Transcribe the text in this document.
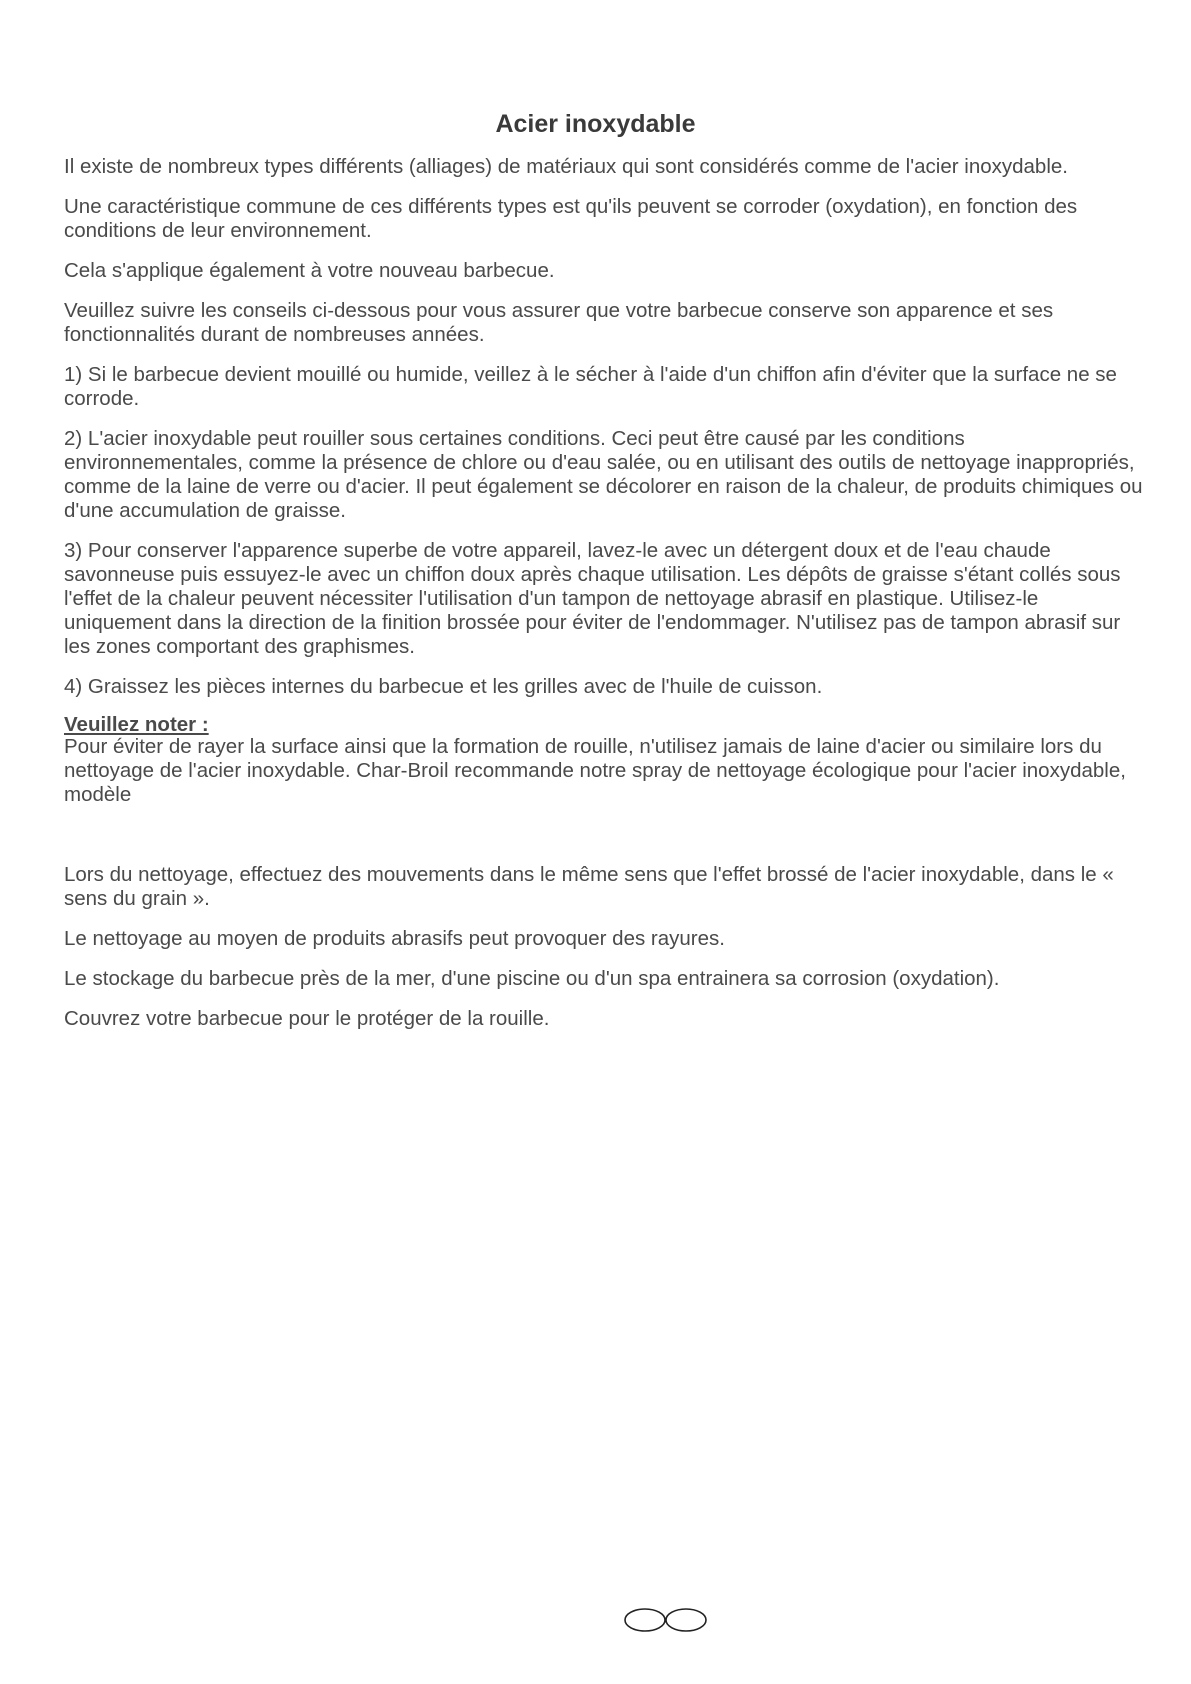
Acier inoxydable

Il existe de nombreux types différents (alliages) de matériaux qui sont considérés comme de l'acier inoxydable.

Une caractéristique commune de ces différents types est qu'ils peuvent se corroder (oxydation), en fonction des conditions de leur environnement.

Cela s'applique également à votre nouveau barbecue.

Veuillez suivre les conseils ci-dessous pour vous assurer que votre barbecue conserve son apparence et ses fonctionnalités durant de nombreuses années.

1) Si le barbecue devient mouillé ou humide, veillez à le sécher à l'aide d'un chiffon afin d'éviter que la surface ne se corrode.

2) L'acier inoxydable peut rouiller sous certaines conditions. Ceci peut être causé par les conditions environnementales, comme la présence de chlore ou d'eau salée, ou en utilisant des outils de nettoyage inappropriés, comme de la laine de verre ou d'acier. Il peut également se décolorer en raison de la chaleur, de produits chimiques ou d'une accumulation de graisse.

3) Pour conserver l'apparence superbe de votre appareil, lavez-le avec un détergent doux et de l'eau chaude savonneuse puis essuyez-le avec un chiffon doux après chaque utilisation. Les dépôts de graisse s'étant collés sous l'effet de la chaleur peuvent nécessiter l'utilisation d'un tampon de nettoyage abrasif en plastique. Utilisez-le uniquement dans la direction de la finition brossée pour éviter de l'endommager. N'utilisez pas de tampon abrasif sur les zones comportant des graphismes.

4) Graissez les pièces internes du barbecue et les grilles avec de l'huile de cuisson.

Veuillez noter :
Pour éviter de rayer la surface ainsi que la formation de rouille, n'utilisez jamais de laine d'acier ou similaire lors du nettoyage de l'acier inoxydable. Char-Broil recommande notre spray de nettoyage écologique pour l'acier inoxydable, modèle

Lors du nettoyage, effectuez des mouvements dans le même sens que l'effet brossé de l'acier inoxydable, dans le « sens du grain ».

Le nettoyage au moyen de produits abrasifs peut provoquer des rayures.

Le stockage du barbecue près de la mer, d'une piscine ou d'un spa entrainera sa corrosion (oxydation).

Couvrez votre barbecue pour le protéger de la rouille.
